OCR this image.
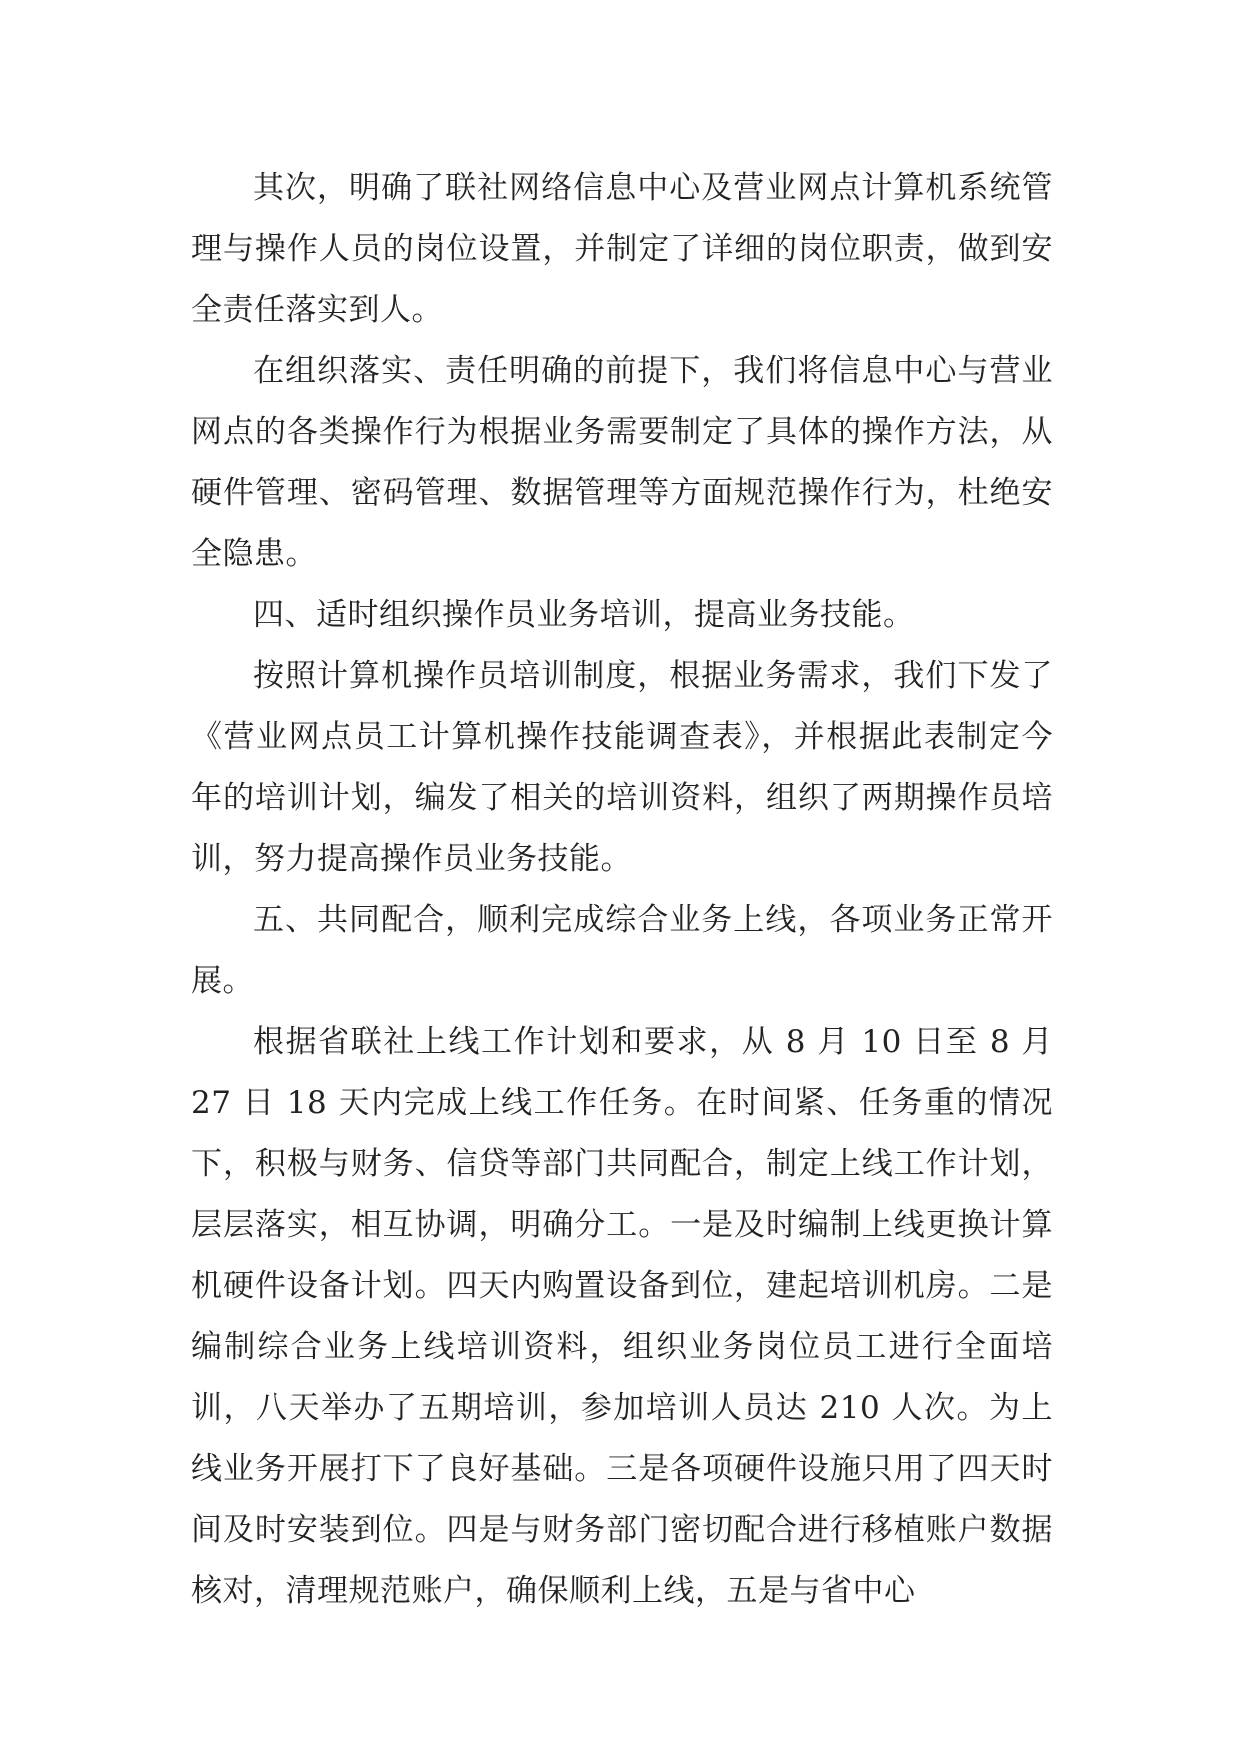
其次，明确了联社网络信息中心及营业网点计算机系统管理与操作人员的岗位设置，并制定了详细的岗位职责，做到安全责任落实到人。

在组织落实、责任明确的前提下，我们将信息中心与营业网点的各类操作行为根据业务需要制定了具体的操作方法，从硬件管理、密码管理、数据管理等方面规范操作行为，杜绝安全隐患。

四、适时组织操作员业务培训，提高业务技能。

按照计算机操作员培训制度，根据业务需求，我们下发了《营业网点员工计算机操作技能调查表》，并根据此表制定今年的培训计划，编发了相关的培训资料，组织了两期操作员培训，努力提高操作员业务技能。

五、共同配合，顺利完成综合业务上线，各项业务正常开展。

根据省联社上线工作计划和要求，从 8 月 10 日至 8 月 27 日 18 天内完成上线工作任务。在时间紧、任务重的情况下，积极与财务、信贷等部门共同配合，制定上线工作计划，层层落实，相互协调，明确分工。一是及时编制上线更换计算机硬件设备计划。四天内购置设备到位，建起培训机房。二是编制综合业务上线培训资料，组织业务岗位员工进行全面培训，八天举办了五期培训，参加培训人员达 210 人次。为上线业务开展打下了良好基础。三是各项硬件设施只用了四天时间及时安装到位。四是与财务部门密切配合进行移植账户数据核对，清理规范账户，确保顺利上线，五是与省中心
